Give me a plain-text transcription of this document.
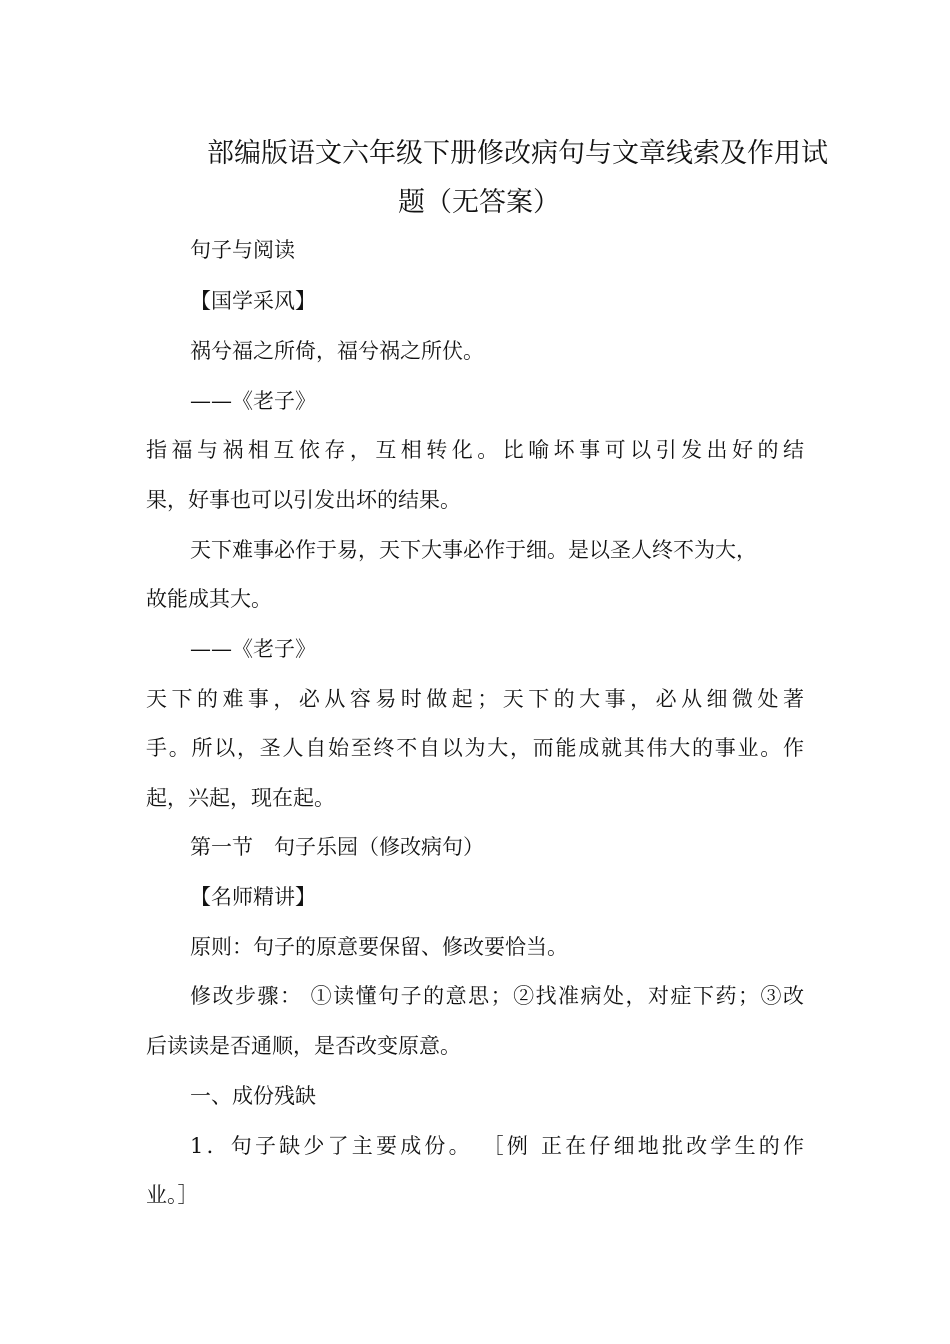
部编版语文六年级下册修改病句与文章线索及作用试
题（无答案）
句子与阅读
【国学采风】
祸兮福之所倚，福兮祸之所伏。
——《老子》
指福与祸相互依存，互相转化。比喻坏事可以引发出好的结
果，好事也可以引发出坏的结果。
天下难事必作于易，天下大事必作于细。是以圣人终不为大，
故能成其大。
——《老子》
天下的难事，必从容易时做起；天下的大事，必从细微处著
手。所以，圣人自始至终不自以为大，而能成就其伟大的事业。作
起，兴起，现在起。
第一节　句子乐园（修改病句）
【名师精讲】
原则：句子的原意要保留、修改要恰当。
修改步骤： ①读懂句子的意思；②找准病处，对症下药；③改
后读读是否通顺，是否改变原意。
一、成份残缺
1．句子缺少了主要成份。 ［例 正在仔细地批改学生的作
业。］
